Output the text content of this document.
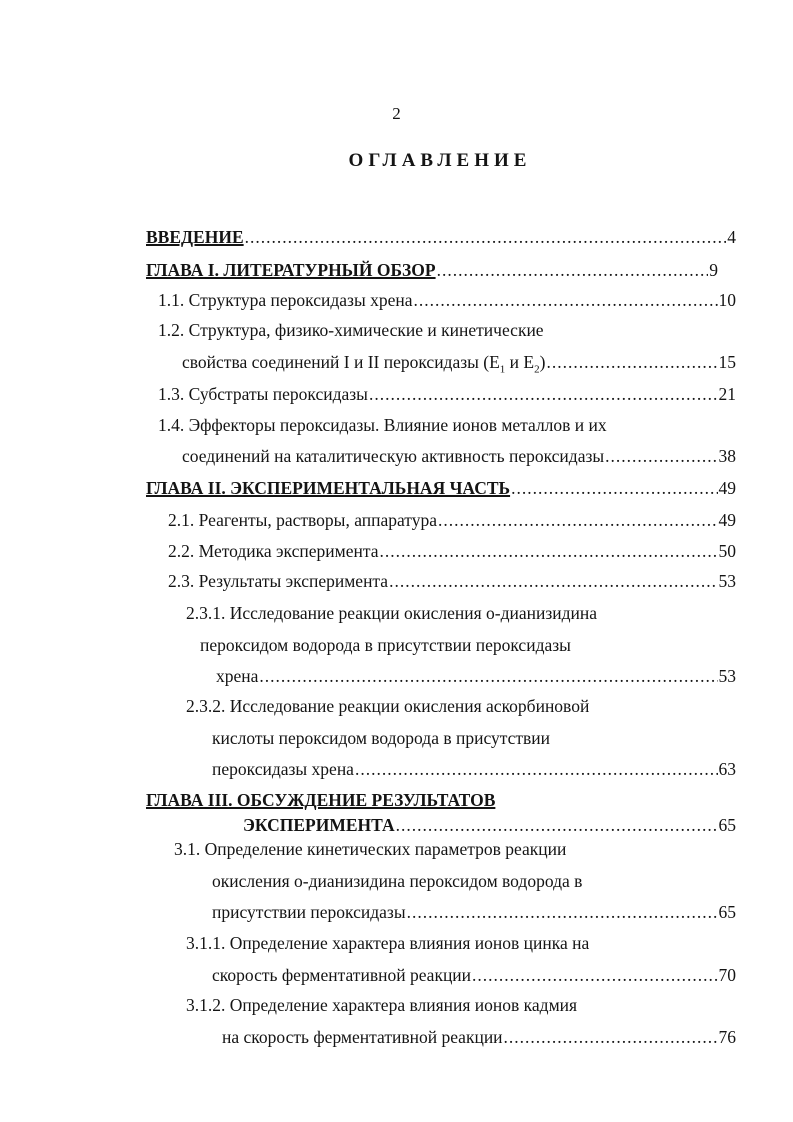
2
ОГЛАВЛЕНИЕ
ВВЕДЕНИЕ .....	4
ГЛАВА I. ЛИТЕРАТУРНЫЙ ОБЗОР .....	9
1.1. Структура пероксидазы хрена .....	10
1.2. Структура, физико-химические и кинетические
свойства соединений I и II пероксидазы ($E_1$ и $E_2$) .....	15
1.3. Субстраты пероксидазы .....	21
1.4. Эффекторы пероксидазы. Влияние ионов металлов и их
соединений на каталитическую активность пероксидазы .....	38
ГЛАВА II. ЭКСПЕРИМЕНТАЛЬНАЯ ЧАСТЬ .....	49
2.1. Реагенты, растворы, аппаратура .....	49
2.2. Методика эксперимента .....	50
2.3. Результаты эксперимента .....	53
2.3.1. Исследование реакции окисления о-дианизидина
пероксидом водорода в присутствии пероксидазы
хрена .....	53
2.3.2. Исследование реакции окисления аскорбиновой
кислоты пероксидом водорода в присутствии
пероксидазы хрена .....	63
ГЛАВА III. ОБСУЖДЕНИЕ РЕЗУЛЬТАТОВ
ЭКСПЕРИМЕНТА .....	65
3.1. Определение кинетических параметров реакции
окисления о-дианизидина пероксидом водорода в
присутствии пероксидазы .....	65
3.1.1. Определение характера влияния ионов цинка на
скорость ферментативной реакции .....	70
3.1.2. Определение характера влияния ионов кадмия
на скорость ферментативной реакции .....	76
